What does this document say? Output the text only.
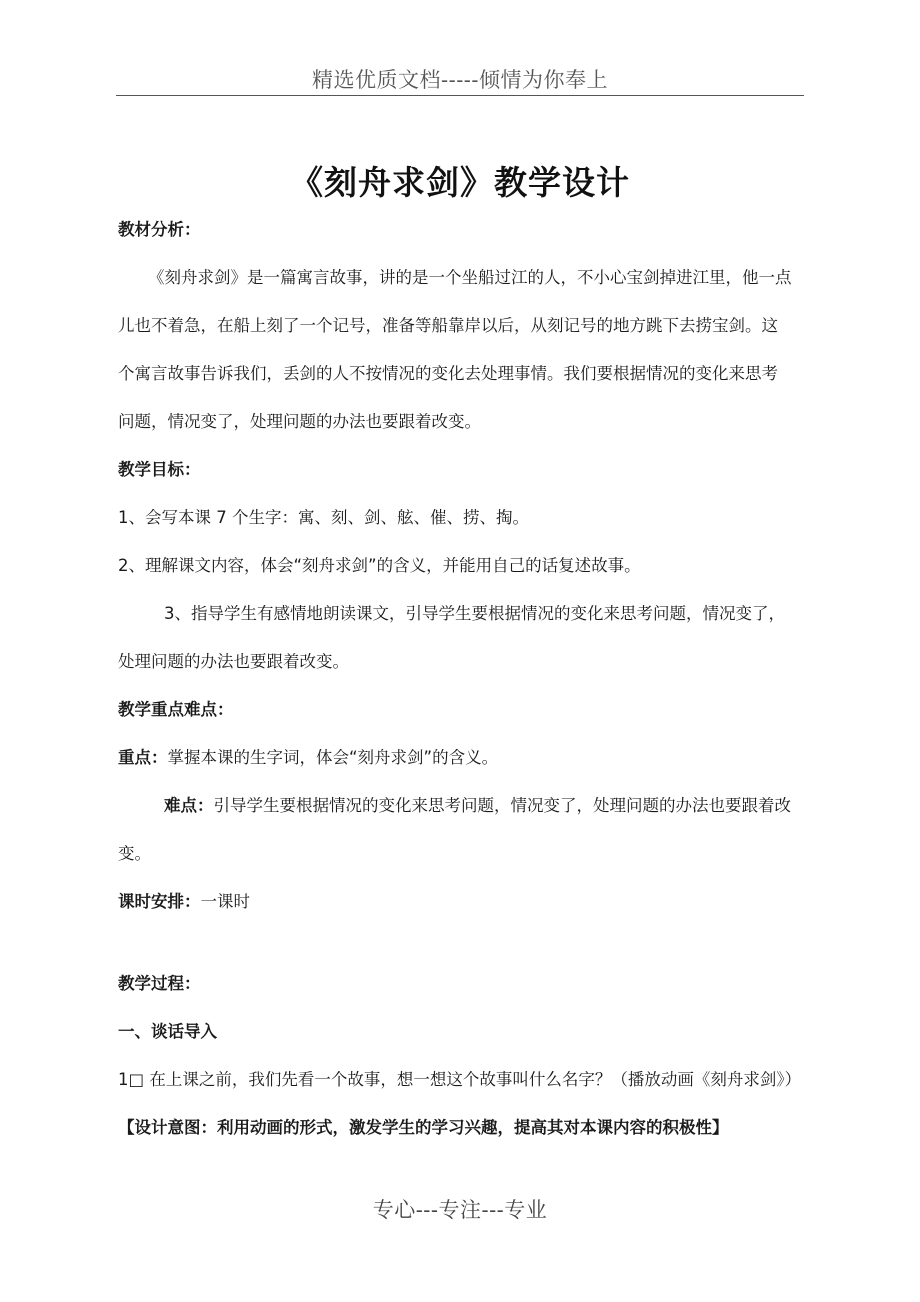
精选优质文档-----倾情为你奉上
《刻舟求剑》教学设计

教材分析：

《刻舟求剑》是一篇寓言故事，讲的是一个坐船过江的人，不小心宝剑掉进江里，他一点儿也不着急，在船上刻了一个记号，准备等船靠岸以后，从刻记号的地方跳下去捞宝剑。这个寓言故事告诉我们，丢剑的人不按情况的变化去处理事情。我们要根据情况的变化来思考问题，情况变了，处理问题的办法也要跟着改变。

教学目标：

1、会写本课 7 个生字：寓、刻、剑、舷、催、捞、掏。

2、理解课文内容，体会“刻舟求剑”的含义，并能用自己的话复述故事。

3、指导学生有感情地朗读课文，引导学生要根据情况的变化来思考问题，情况变了，处理问题的办法也要跟着改变。

教学重点难点：

重点：掌握本课的生字词，体会“刻舟求剑”的含义。

难点：引导学生要根据情况的变化来思考问题，情况变了，处理问题的办法也要跟着改变。

课时安排：一课时

教学过程：

一、谈话导入

1□ 在上课之前，我们先看一个故事，想一想这个故事叫什么名字？（播放动画《刻舟求剑》）【设计意图：利用动画的形式，激发学生的学习兴趣，提高其对本课内容的积极性】

专心---专注---专业
